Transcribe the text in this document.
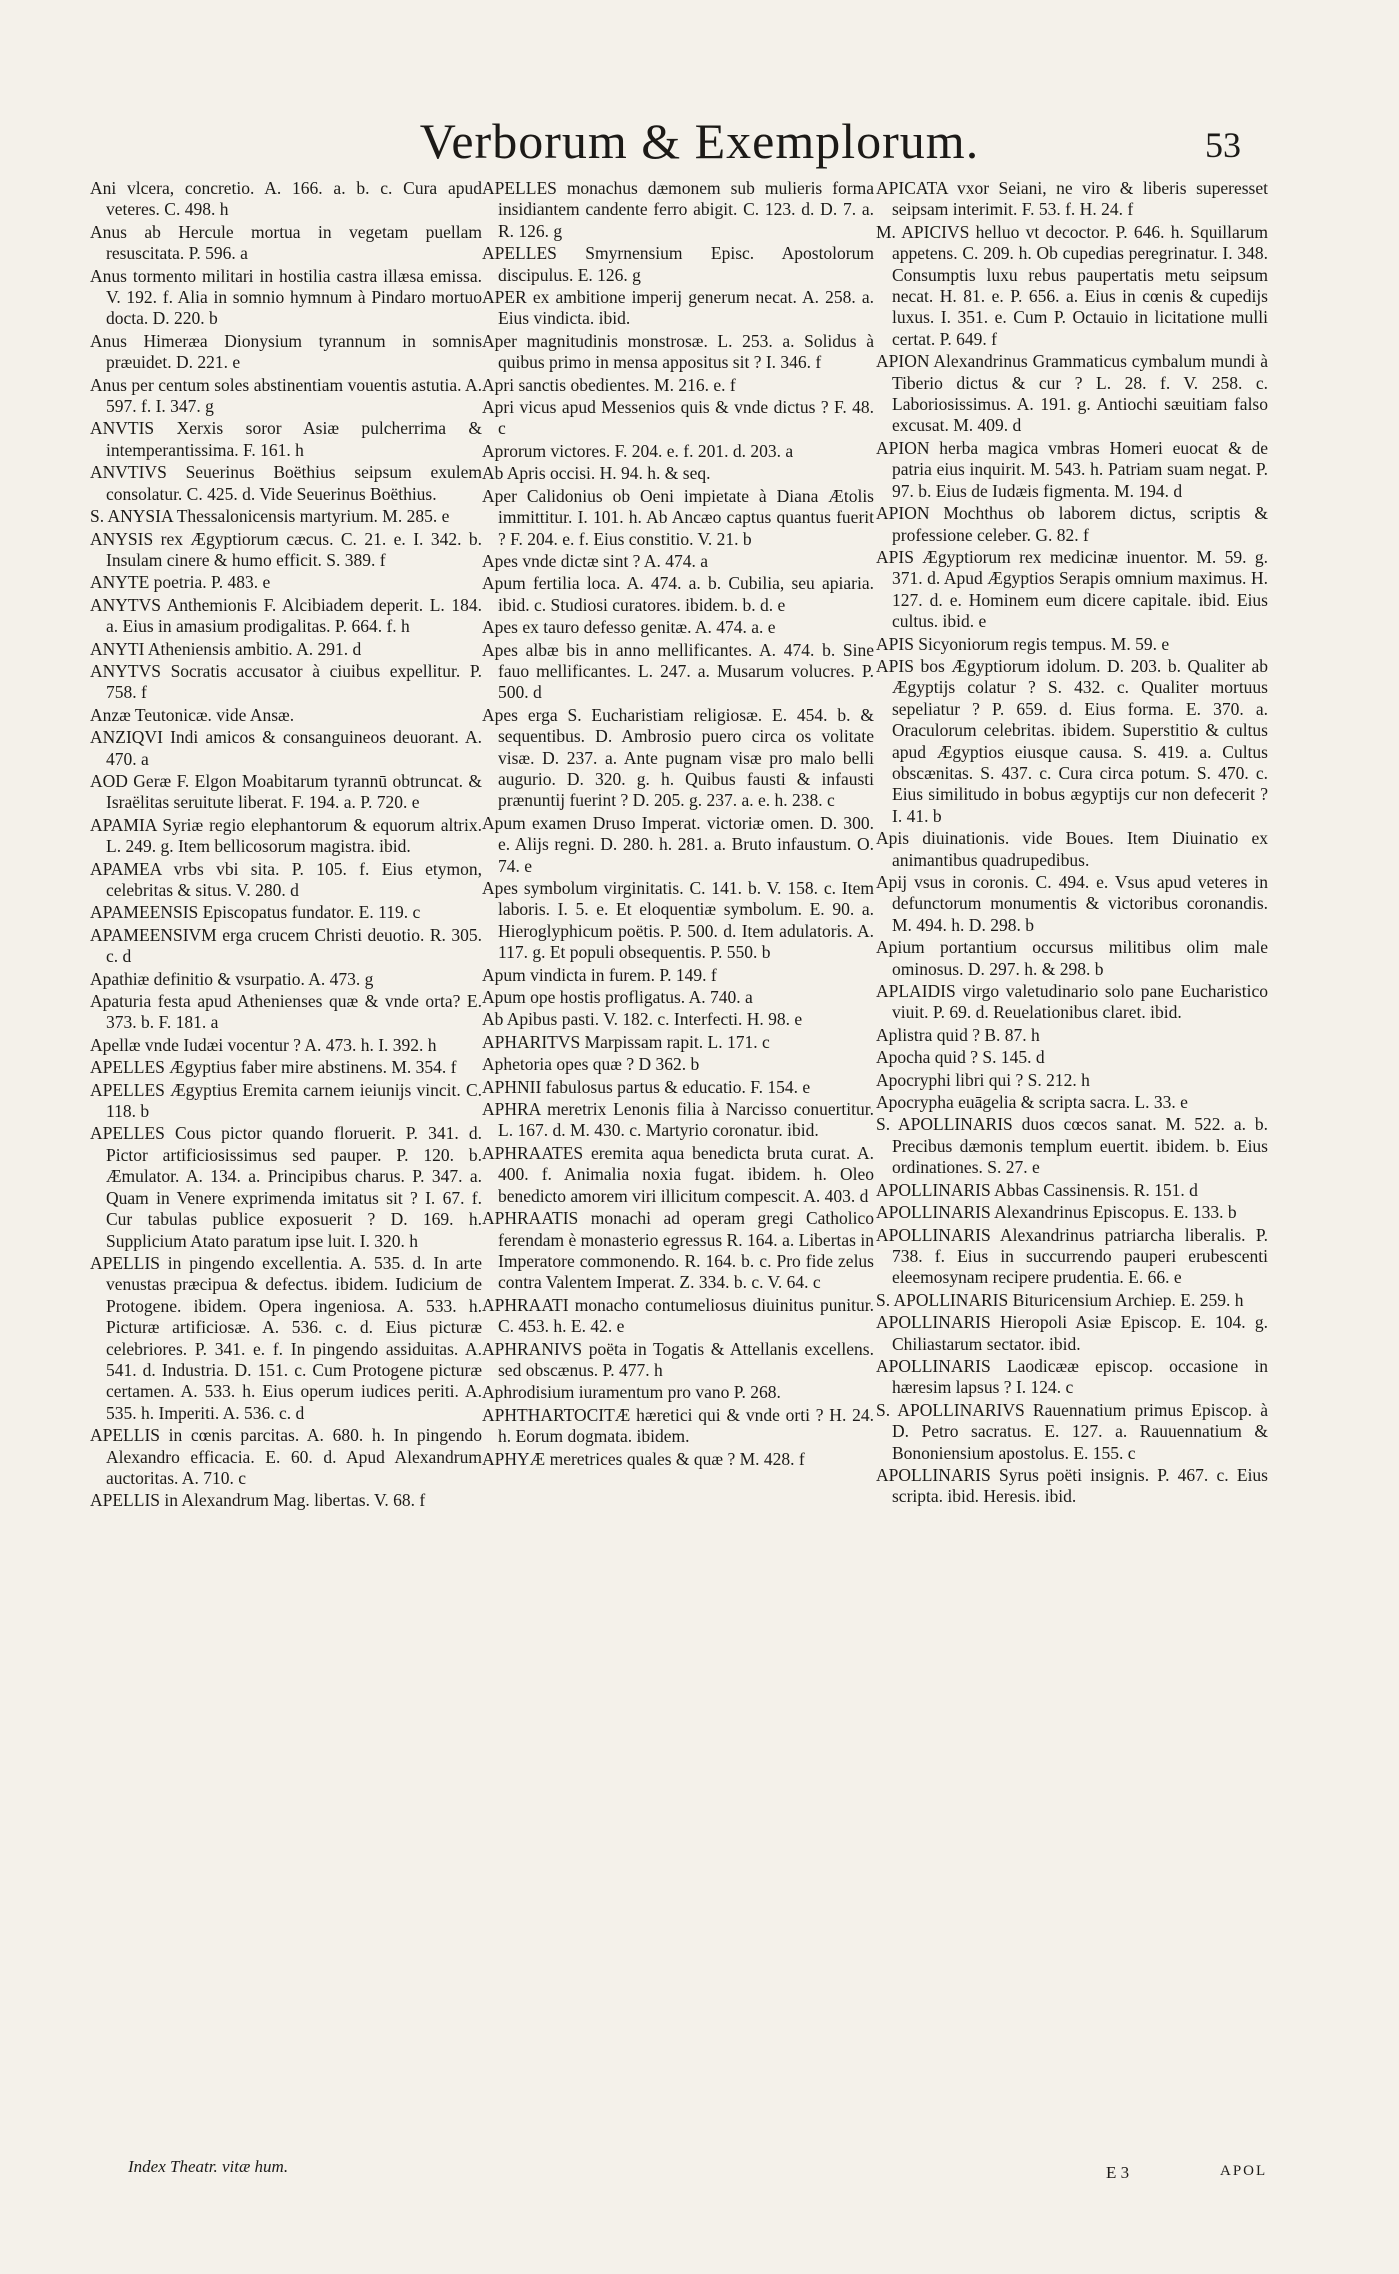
Verborum & Exemplorum.	53

Ani vlcera, concretio. A. 166. a. b. c. Cura apud veteres. C. 498. h

Anus ab Hercule mortua in vegetam puellam resuscitata. P. 596. a

Anus tormento militari in hostilia castra illæsa emissa. V. 192. f. Alia in somnio hymnum à Pindaro mortuo docta. D. 220. b

Anus Himeræa Dionysium tyrannum in somnis præuidet. D. 221. e

Anus per centum soles abstinentiam vouentis astutia. A. 597. f. I. 347. g

ANVTIS Xerxis soror Asiæ pulcherrima & intemperantissima. F. 161. h

ANVTIVS Seuerinus Boëthius seipsum exulem consolatur. C. 425. d. Vide Seuerinus Boëthius.

S. ANYSIA Thessalonicensis martyrium. M. 285. e

ANYSIS rex Ægyptiorum cæcus. C. 21. e. I. 342. b. Insulam cinere & humo efficit. S. 389. f

ANYTE poetria. P. 483. e

ANYTVS Anthemionis F. Alcibiadem deperit. L. 184. a. Eius in amasium prodigalitas. P. 664. f. h

ANYTI Atheniensis ambitio. A. 291. d

ANYTVS Socratis accusator à ciuibus expellitur. P. 758. f

Anzæ Teutonicæ. vide Ansæ.

ANZIQVI Indi amicos & consanguineos deuorant. A. 470. a

AOD Geræ F. Elgon Moabitarum tyrannū obtruncat. & Israëlitas seruitute liberat. F. 194. a. P. 720. e

APAMIA Syriæ regio elephantorum & equorum altrix. L. 249. g. Item bellicosorum magistra. ibid.

APAMEA vrbs vbi sita. P. 105. f. Eius etymon, celebritas & situs. V. 280. d

APAMEENSIS Episcopatus fundator. E. 119. c

APAMEENSIVM erga crucem Christi deuotio. R. 305. c. d

Apathiæ definitio & vsurpatio. A. 473. g

Apaturia festa apud Athenienses quæ & vnde orta? E. 373. b. F. 181. a

Apellæ vnde Iudæi vocentur ? A. 473. h. I. 392. h

APELLES Ægyptius faber mire abstinens. M. 354. f

APELLES Ægyptius Eremita carnem ieiunijs vincit. C. 118. b

APELLES Cous pictor quando floruerit. P. 341. d. Pictor artificiosissimus sed pauper. P. 120. b. Æmulator. A. 134. a. Principibus charus. P. 347. a. Quam in Venere exprimenda imitatus sit ? I. 67. f. Cur tabulas publice exposuerit ? D. 169. h. Supplicium Atato paratum ipse luit. I. 320. h

APELLIS in pingendo excellentia. A. 535. d. In arte venustas præcipua & defectus. ibidem. Iudicium de Protogene. ibidem. Opera ingeniosa. A. 533. h. Picturæ artificiosæ. A. 536. c. d. Eius picturæ celebriores. P. 341. e. f. In pingendo assiduitas. A. 541. d. Industria. D. 151. c. Cum Protogene picturæ certamen. A. 533. h. Eius operum iudices periti. A. 535. h. Imperiti. A. 536. c. d

APELLIS in cœnis parcitas. A. 680. h. In pingendo Alexandro efficacia. E. 60. d. Apud Alexandrum auctoritas. A. 710. c

APELLIS in Alexandrum Mag. libertas. V. 68. f

APELLES monachus dæmonem sub mulieris forma insidiantem candente ferro abigit. C. 123. d. D. 7. a. R. 126. g

APELLES Smyrnensium Episc. Apostolorum discipulus. E. 126. g

APER ex ambitione imperij generum necat. A. 258. a. Eius vindicta. ibid.

Aper magnitudinis monstrosæ. L. 253. a. Solidus à quibus primo in mensa appositus sit ? I. 346. f

Apri sanctis obedientes. M. 216. e. f

Apri vicus apud Messenios quis & vnde dictus ? F. 48. c

Aprorum victores. F. 204. e. f. 201. d. 203. a

Ab Apris occisi. H. 94. h. & seq.

Aper Calidonius ob Oeni impietate à Diana Ætolis immittitur. I. 101. h. Ab Ancæo captus quantus fuerit ? F. 204. e. f. Eius constitio. V. 21. b

Apes vnde dictæ sint ? A. 474. a

Apum fertilia loca. A. 474. a. b. Cubilia, seu apiaria. ibid. c. Studiosi curatores. ibidem. b. d. e

Apes ex tauro defesso genitæ. A. 474. a. e

Apes albæ bis in anno mellificantes. A. 474. b. Sine fauo mellificantes. L. 247. a. Musarum volucres. P. 500. d

Apes erga S. Eucharistiam religiosæ. E. 454. b. & sequentibus. D. Ambrosio puero circa os volitate visæ. D. 237. a. Ante pugnam visæ pro malo belli augurio. D. 320. g. h. Quibus fausti & infausti prænuntij fuerint ? D. 205. g. 237. a. e. h. 238. c

Apum examen Druso Imperat. victoriæ omen. D. 300. e. Alijs regni. D. 280. h. 281. a. Bruto infaustum. O. 74. e

Apes symbolum virginitatis. C. 141. b. V. 158. c. Item laboris. I. 5. e. Et eloquentiæ symbolum. E. 90. a. Hieroglyphicum poëtis. P. 500. d. Item adulatoris. A. 117. g. Et populi obsequentis. P. 550. b

Apum vindicta in furem. P. 149. f

Apum ope hostis profligatus. A. 740. a

Ab Apibus pasti. V. 182. c. Interfecti. H. 98. e

APHARITVS Marpissam rapit. L. 171. c

Aphetoria opes quæ ? D 362. b

APHNII fabulosus partus & educatio. F. 154. e

APHRA meretrix Lenonis filia à Narcisso conuertitur. L. 167. d. M. 430. c. Martyrio coronatur. ibid.

APHRAATES eremita aqua benedicta bruta curat. A. 400. f. Animalia noxia fugat. ibidem. h. Oleo benedicto amorem viri illicitum compescit. A. 403. d

APHRAATIS monachi ad operam gregi Catholico ferendam è monasterio egressus R. 164. a. Libertas in Imperatore commonendo. R. 164. b. c. Pro fide zelus contra Valentem Imperat. Z. 334. b. c. V. 64. c

APHRAATI monacho contumeliosus diuinitus punitur. C. 453. h. E. 42. e

APHRANIVS poëta in Togatis & Attellanis excellens. sed obscænus. P. 477. h

Aphrodisium iuramentum pro vano P. 268.

APHTHARTOCITÆ hæretici qui & vnde orti ? H. 24. h. Eorum dogmata. ibidem.

APHYÆ meretrices quales & quæ ? M. 428. f

APICATA vxor Seiani, ne viro & liberis superesset seipsam interimit. F. 53. f. H. 24. f

M. APICIVS helluo vt decoctor. P. 646. h. Squillarum appetens. C. 209. h. Ob cupedias peregrinatur. I. 348. Consumptis luxu rebus paupertatis metu seipsum necat. H. 81. e. P. 656. a. Eius in cœnis & cupedijs luxus. I. 351. e. Cum P. Octauio in licitatione mulli certat. P. 649. f

APION Alexandrinus Grammaticus cymbalum mundi à Tiberio dictus & cur ? L. 28. f. V. 258. c. Laboriosissimus. A. 191. g. Antiochi sæuitiam falso excusat. M. 409. d

APION herba magica vmbras Homeri euocat & de patria eius inquirit. M. 543. h. Patriam suam negat. P. 97. b. Eius de Iudæis figmenta. M. 194. d

APION Mochthus ob laborem dictus, scriptis & professione celeber. G. 82. f

APIS Ægyptiorum rex medicinæ inuentor. M. 59. g. 371. d. Apud Ægyptios Serapis omnium maximus. H. 127. d. e. Hominem eum dicere capitale. ibid. Eius cultus. ibid. e

APIS Sicyoniorum regis tempus. M. 59. e

APIS bos Ægyptiorum idolum. D. 203. b. Qualiter ab Ægyptijs colatur ? S. 432. c. Qualiter mortuus sepeliatur ? P. 659. d. Eius forma. E. 370. a. Oraculorum celebritas. ibidem. Superstitio & cultus apud Ægyptios eiusque causa. S. 419. a. Cultus obscænitas. S. 437. c. Cura circa potum. S. 470. c. Eius similitudo in bobus ægyptijs cur non defecerit ? I. 41. b

Apis diuinationis. vide Boues. Item Diuinatio ex animantibus quadrupedibus.

Apij vsus in coronis. C. 494. e. Vsus apud veteres in defunctorum monumentis & victoribus coronandis. M. 494. h. D. 298. b

Apium portantium occursus militibus olim male ominosus. D. 297. h. & 298. b

APLAIDIS virgo valetudinario solo pane Eucharistico viuit. P. 69. d. Reuelationibus claret. ibid.

Aplistra quid ? B. 87. h

Apocha quid ? S. 145. d

Apocryphi libri qui ? S. 212. h

Apocrypha euāgelia & scripta sacra. L. 33. e

S. APOLLINARIS duos cœcos sanat. M. 522. a. b. Precibus dæmonis templum euertit. ibidem. b. Eius ordinationes. S. 27. e

APOLLINARIS Abbas Cassinensis. R. 151. d

APOLLINARIS Alexandrinus Episcopus. E. 133. b

APOLLINARIS Alexandrinus patriarcha liberalis. P. 738. f. Eius in succurrendo pauperi erubescenti eleemosynam recipere prudentia. E. 66. e

S. APOLLINARIS Bituricensium Archiep. E. 259. h

APOLLINARIS Hieropoli Asiæ Episcop. E. 104. g. Chiliastarum sectator. ibid.

APOLLINARIS Laodicææ episcop. occasione in hæresim lapsus ? I. 124. c

S. APOLLINARIVS Rauennatium primus Episcop. à D. Petro sacratus. E. 127. a. Rauuennatium & Bononiensium apostolus. E. 155. c

APOLLINARIS Syrus poëti insignis. P. 467. c. Eius scripta. ibid. Heresis. ibid.

Index Theatr. vitæ hum.	E 3	APOL
